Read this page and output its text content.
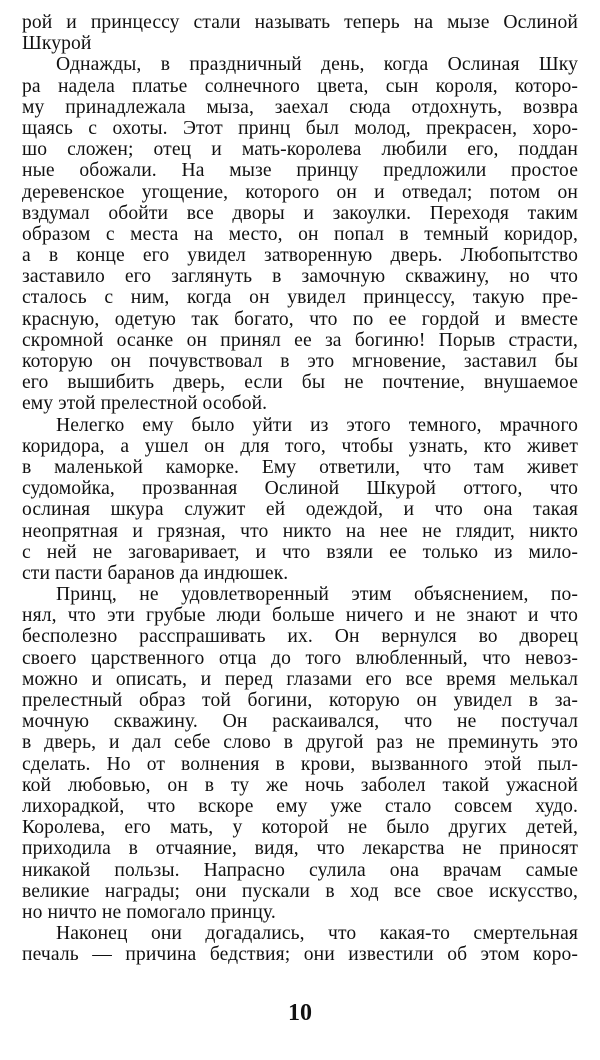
рой и принцессу стали называть теперь на мызе Ослиной
Шкурой
Однажды, в праздничный день, когда Ослиная Шку
ра надела платье солнечного цвета, сын короля, которо-
му принадлежала мыза, заехал сюда отдохнуть, возвра
щаясь с охоты. Этот принц был молод, прекрасен, хоро-
шо сложен; отец и мать-королева любили его, поддан
ные обожали. На мызе принцу предложили простое
деревенское угощение, которого он и отведал; потом он
вздумал обойти все дворы и закоулки. Переходя таким
образом с места на место, он попал в темный коридор,
а в конце его увидел затворенную дверь. Любопытство
заставило его заглянуть в замочную скважину, но что
сталось с ним, когда он увидел принцессу, такую пре-
красную, одетую так богато, что по ее гордой и вместе
скромной осанке он принял ее за богиню! Порыв страсти,
которую он почувствовал в это мгновение, заставил бы
его вышибить дверь, если бы не почтение, внушаемое
ему этой прелестной особой.
Нелегко ему было уйти из этого темного, мрачного
коридора, а ушел он для того, чтобы узнать, кто живет
в маленькой каморке. Ему ответили, что там живет
судомойка, прозванная Ослиной Шкурой оттого, что
ослиная шкура служит ей одеждой, и что она такая
неопрятная и грязная, что никто на нее не глядит, никто
с ней не заговаривает, и что взяли ее только из мило-
сти пасти баранов да индюшек.
Принц, не удовлетворенный этим объяснением, по-
нял, что эти грубые люди больше ничего и не знают и что
бесполезно расспрашивать их. Он вернулся во дворец
своего царственного отца до того влюбленный, что невоз-
можно и описать, и перед глазами его все время мелькал
прелестный образ той богини, которую он увидел в за-
мочную скважину. Он раскаивался, что не постучал
в дверь, и дал себе слово в другой раз не преминуть это
сделать. Но от волнения в крови, вызванного этой пыл-
кой любовью, он в ту же ночь заболел такой ужасной
лихорадкой, что вскоре ему уже стало совсем худо.
Королева, его мать, у которой не было других детей,
приходила в отчаяние, видя, что лекарства не приносят
никакой пользы. Напрасно сулила она врачам самые
великие награды; они пускали в ход все свое искусство,
но ничто не помогало принцу.
Наконец они догадались, что какая-то смертельная
печаль — причина бедствия; они известили об этом коро-
10
